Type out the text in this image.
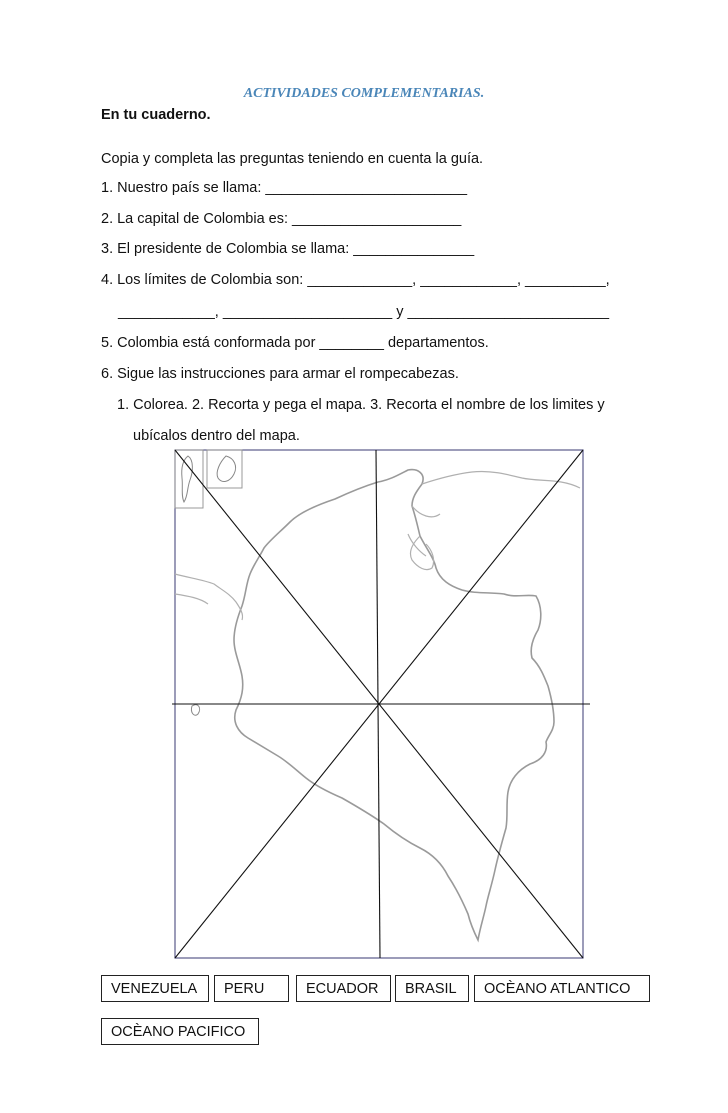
ACTIVIDADES COMPLEMENTARIAS.
En tu cuaderno.
Copia y completa las preguntas teniendo en cuenta la guía.
1. Nuestro país se llama: _________________________
2. La capital de Colombia es: _____________________
3. El presidente de Colombia se llama: _______________
4. Los límites de Colombia son: _____________, ____________, __________,
____________, _____________________ y _________________________
5. Colombia está conformada por ________ departamentos.
6. Sigue las instrucciones para armar el rompecabezas.
1. Colorea. 2. Recorta y pega el mapa. 3. Recorta el nombre de los limites y
ubícalos dentro del mapa.
VENEZUELA	PERU	ECUADOR	BRASIL	OCÈANO ATLANTICO
OCÈANO PACIFICO
